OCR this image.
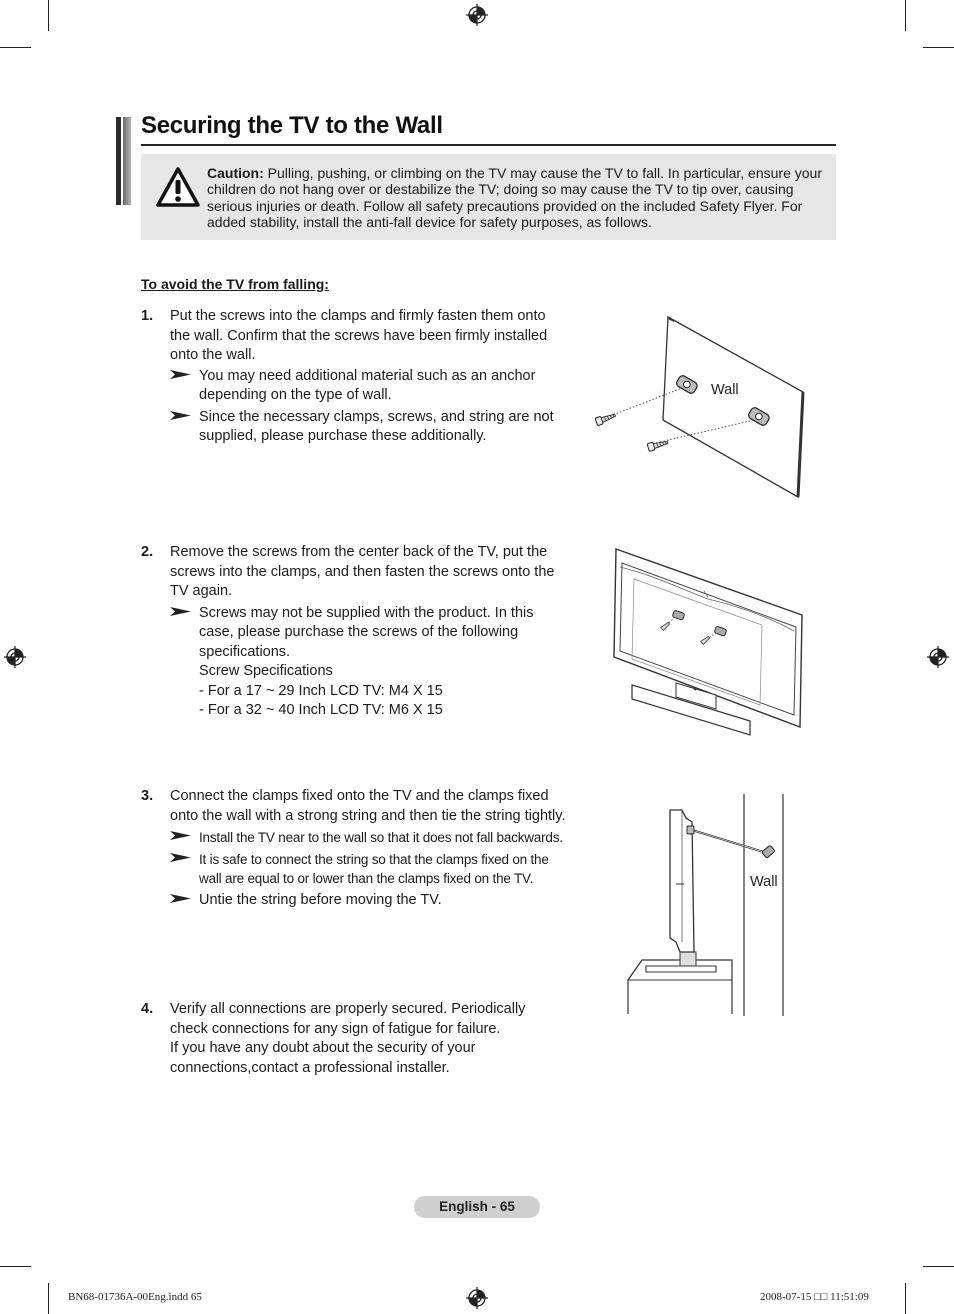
Securing the TV to the Wall
Caution: Pulling, pushing, or climbing on the TV may cause the TV to fall. In particular, ensure your children do not hang over or destabilize the TV; doing so may cause the TV to tip over, causing serious injuries or death. Follow all safety precautions provided on the included Safety Flyer. For added stability, install the anti-fall device for safety purposes, as follows.
To avoid the TV from falling:
1. Put the screws into the clamps and firmly fasten them onto the wall. Confirm that the screws have been firmly installed onto the wall.
You may need additional material such as an anchor depending on the type of wall.
Since the necessary clamps, screws, and string are not supplied, please purchase these additionally.
2. Remove the screws from the center back of the TV, put the screws into the clamps, and then fasten the screws onto the TV again.
Screws may not be supplied with the product. In this case, please purchase the screws of the following specifications.
Screw Specifications
- For a 17 ~ 29 Inch LCD TV: M4 X 15
- For a 32 ~ 40 Inch LCD TV: M6 X 15
3. Connect the clamps fixed onto the TV and the clamps fixed onto the wall with a strong string and then tie the string tightly.
Install the TV near to the wall so that it does not fall backwards.
It is safe to connect the string so that the clamps fixed on the wall are equal to or lower than the clamps fixed on the TV.
Untie the string before moving the TV.
4. Verify all connections are properly secured. Periodically check connections for any sign of fatigue for failure.
If you have any doubt about the security of your connections,contact a professional installer.
Wall
Wall
English - 65
BN68-01736A-00Eng.indd 65	2008-07-15 □□ 11:51:09
